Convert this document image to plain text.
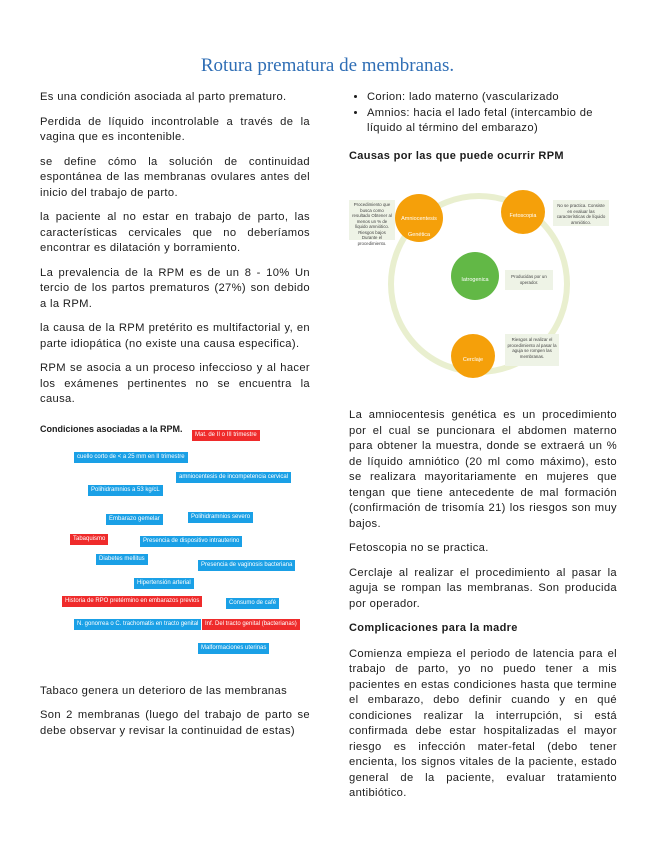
Rotura prematura de membranas.

Es una condición asociada al parto prematuro.

Perdida de líquido incontrolable a través de la vagina que es incontenible.

se define cómo la solución de continuidad espontánea de las membranas ovulares antes del inicio del trabajo de parto.

la paciente al no estar en trabajo de parto, las características cervicales que no deberíamos encontrar es dilatación y borramiento.

La prevalencia de la RPM es de un 8 - 10% Un tercio de los partos prematuros (27%) son debido a la RPM.

la causa de la RPM pretérito es multifactorial y, en parte idiopática (no existe una causa especifica).

RPM se asocia a un proceso infeccioso y al hacer los exámenes pertinentes no se encuentra la causa.

Condiciones asociadas a la RPM.
Mat. de II o III trimestre
cuello corto de < a 25 mm en II trimestre
amniocentesis de incompetencia cervical
Polihidramnios a 53 kg/cL
Polihidramnios severo
Embarazo gemelar
Tabaquismo	Presencia de dispositivo intrauterino
Diabetes mellitus
Presencia de vaginosis bacteriana
Hipertensión arterial
Historia de RPO pretérmino en embarazos previos	Consumo de café
N. gonorrea o C. trachomatis en tracto genital	Inf. Del tracto genital (bacterianas)
Malformaciones uterinas

Tabaco genera un deterioro de las membranas

Son 2 membranas (luego del trabajo de parto se debe observar y revisar la continuidad de estas)

• Corion: lado materno (vascularizado
• Amnios: hacia el lado fetal (intercambio de líquido al término del embarazo)
Causas por las que puede ocurrir RPM
Amniocentesis Genética
Fetoscopia
Iatrogenica
Cerclaje
Procedimiento que busca como resultado Obtener al menos un % de líquido amniótico. Riesgos bajos Durante el procedimiento.
No se practica. Consiste en evaluar las características de líquido amniótico.
Producidas por un operador.
Riesgos al realizar el procedimiento al pasar la aguja se rompen las membranas.

La amniocentesis genética es un procedimiento por el cual se puncionara el abdomen materno para obtener la muestra, donde se extraerá un % de líquido amniótico (20 ml como máximo), esto se realizara mayoritariamente en mujeres que tengan que tiene antecedente de mal formación (confirmación de trisomía 21) los riesgos son muy bajos.

Fetoscopia no se practica.

Cerclaje al realizar el procedimiento al pasar la aguja se rompan las membranas. Son producida por operador.

Complicaciones para la madre

Comienza empieza el periodo de latencia para el trabajo de parto, yo no puedo tener a mis pacientes en estas condiciones hasta que termine el embarazo, debo definir cuando y en qué condiciones realizar la interrupción, si está confirmada debe estar hospitalizadas el mayor riesgo es infección mater-fetal (debo tener encienta, los signos vitales de la paciente, estado general de la paciente, evaluar tratamiento antibiótico.
